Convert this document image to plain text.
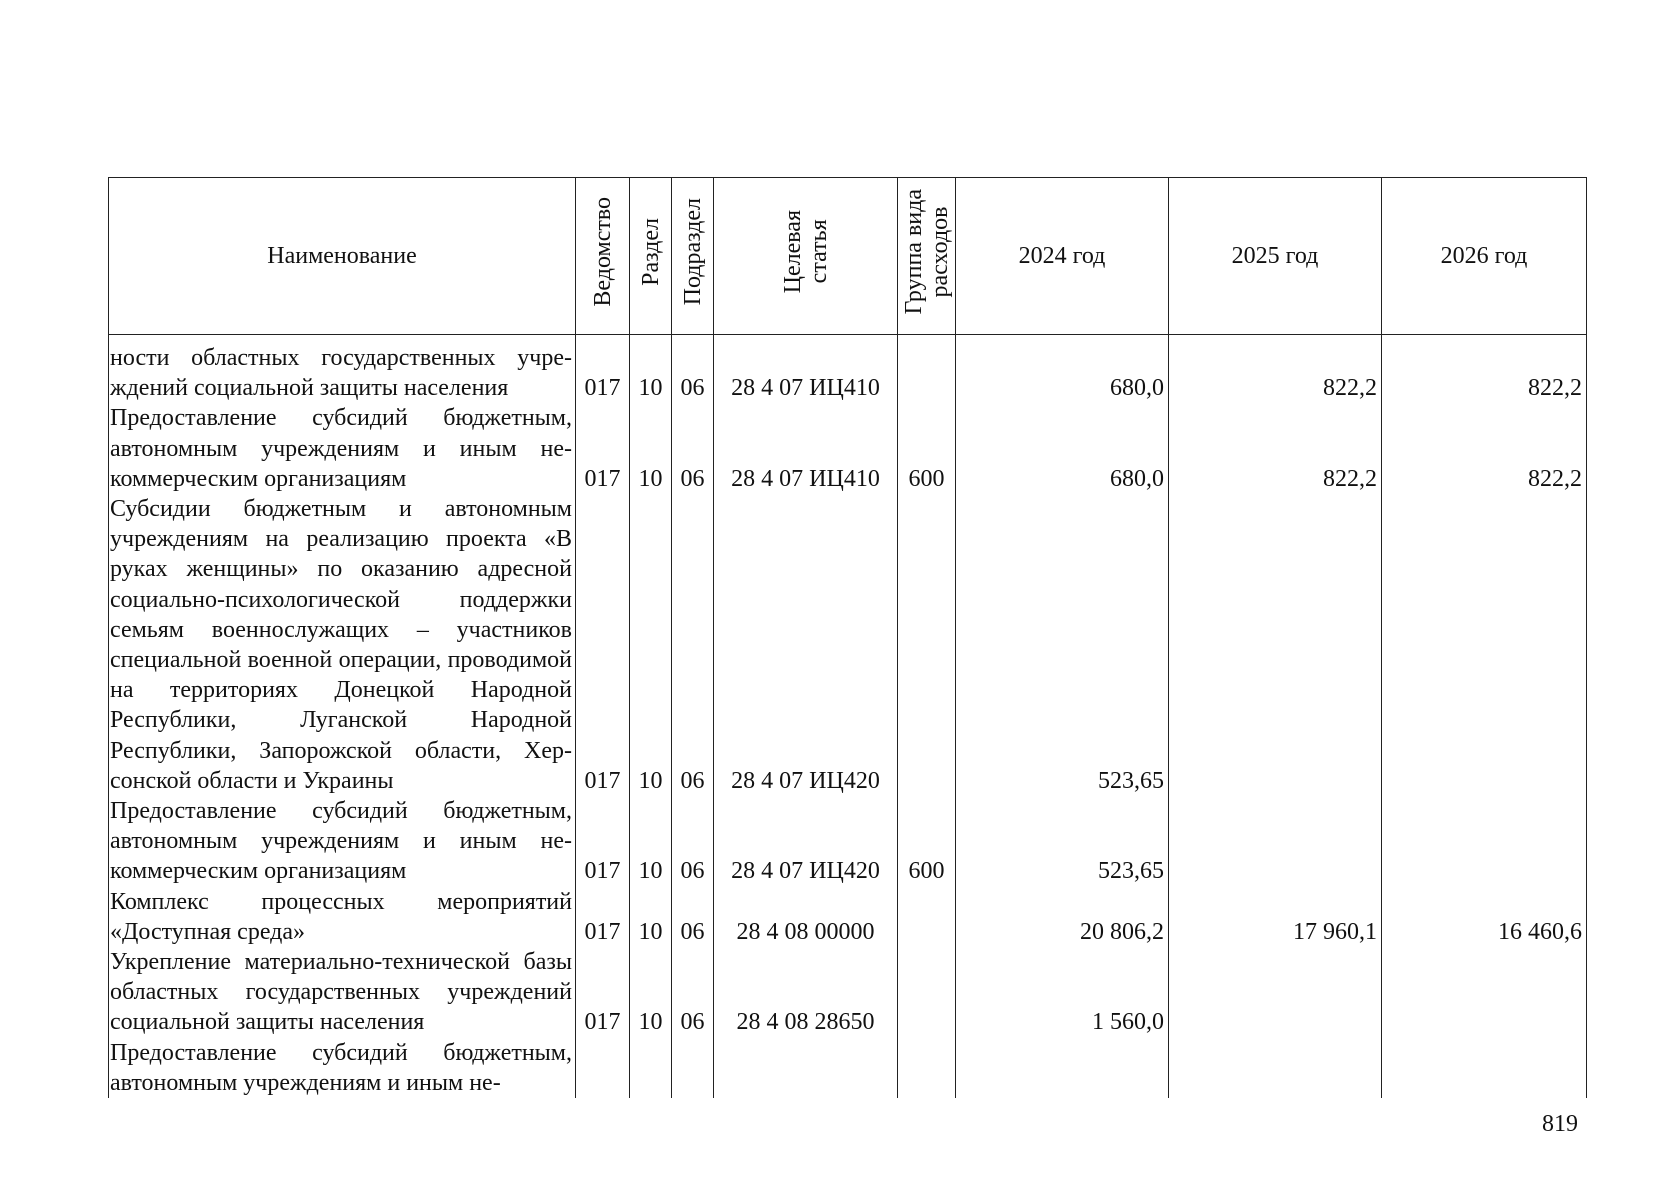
Наименование	Ведомство	Раздел	Подраздел	Целевая
статья	Группа вида
расходов	2024 год	2025 год	2026 год

ности областных государственных учреждений социальной защиты населения	017	10	06	28 4 07 ИЦ410		680,0	822,2	822,2
Предоставление субсидий бюджетным, автономным учреждениям и иным некоммерческим организациям	017	10	06	28 4 07 ИЦ410	600	680,0	822,2	822,2
Субсидии бюджетным и автономным учреждениям на реализацию проекта «В руках женщины» по оказанию адресной социально-психологической поддержки семьям военнослужащих – участников специальной военной операции, проводимой на территориях Донецкой Народной Республики, Луганской Народной Республики, Запорожской области, Херсонской области и Украины	017	10	06	28 4 07 ИЦ420		523,65		
Предоставление субсидий бюджетным, автономным учреждениям и иным некоммерческим организациям	017	10	06	28 4 07 ИЦ420	600	523,65		
Комплекс процессных мероприятий «Доступная среда»	017	10	06	28 4 08 00000		20 806,2	17 960,1	16 460,6
Укрепление материально-технической базы областных государственных учреждений социальной защиты населения	017	10	06	28 4 08 28650		1 560,0		
Предоставление субсидий бюджетным, автономным учреждениям и иным не-								
819
